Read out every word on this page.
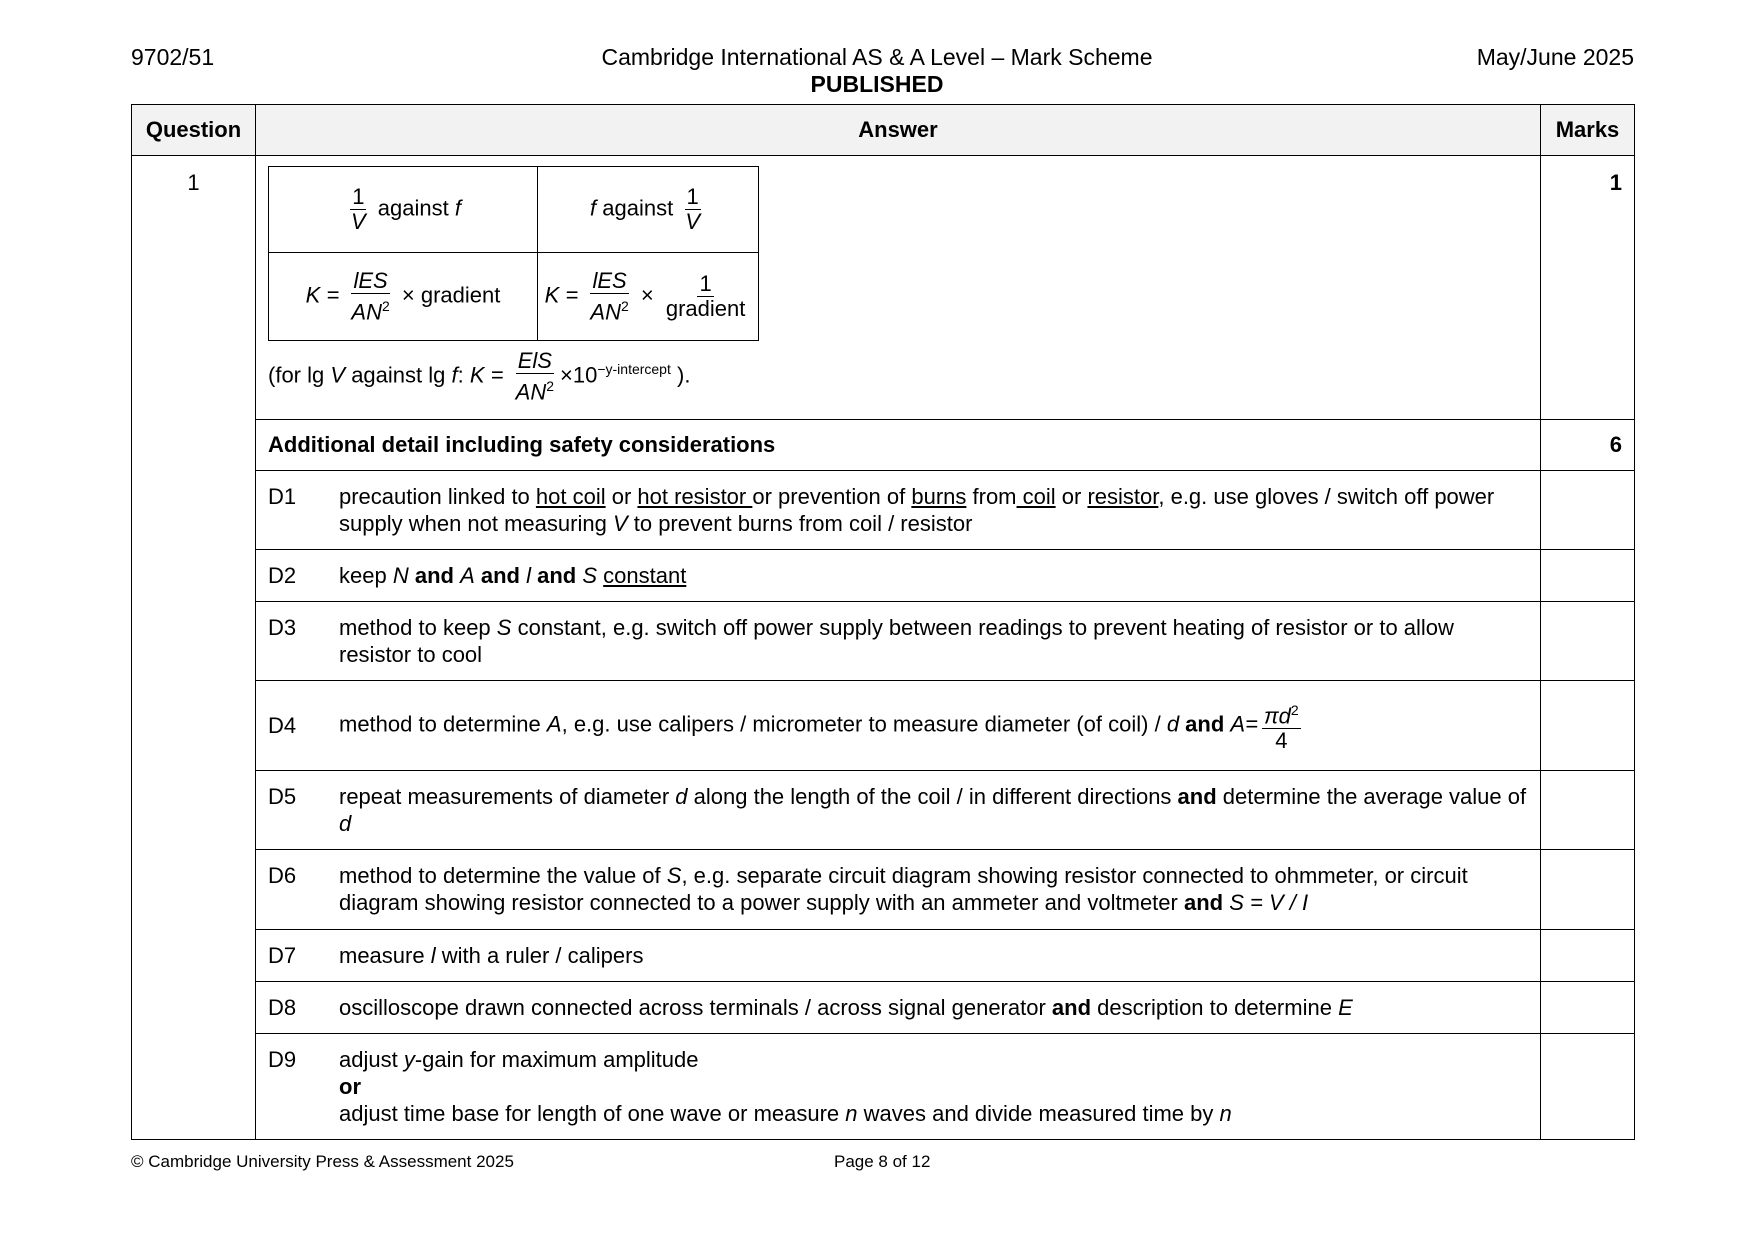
9702/51	Cambridge International AS & A Level – Mark Scheme
PUBLISHED
May/June 2025
Question	Answer	Marks
1	
$\frac{1}{V}$ against f	f against $\frac{1}{V}$

$K = \frac{\text{lES}}{AN^2}$ × gradient	$K = \frac{\text{lES}}{AN^2} \times \frac{1}{\text{gradient}}$
(for lg V against lg f: $K = \frac{\text{ElS}}{AN^2} \times 10^{-y-intercept}$ ).
	1
Additional detail including safety considerations	6

D1	precaution linked to hot coil or hot resistor or prevention of burns from coil or resistor, e.g. use gloves / switch off power supply when not measuring V to prevent burns from coil / resistor

D2	keep N and A and l and S constant

D3	method to keep S constant, e.g. switch off power supply between readings to prevent heating of resistor or to allow resistor to cool

D4	method to determine A, e.g. use calipers / micrometer to measure diameter (of coil) / d and $A= \frac{\pi d^2}{4}$

D5	repeat measurements of diameter d along the length of the coil / in different directions and determine the average value of d

D6	method to determine the value of S, e.g. separate circuit diagram showing resistor connected to ohmmeter, or circuit diagram showing resistor connected to a power supply with an ammeter and voltmeter and S = V / I

D7	measure l with a ruler / calipers

D8	oscilloscope drawn connected across terminals / across signal generator and description to determine E

D9	adjust y-gain for maximum amplitude
or
adjust time base for length of one wave or measure n waves and divide measured time by n

© Cambridge University Press & Assessment 2025	Page 8 of 12
